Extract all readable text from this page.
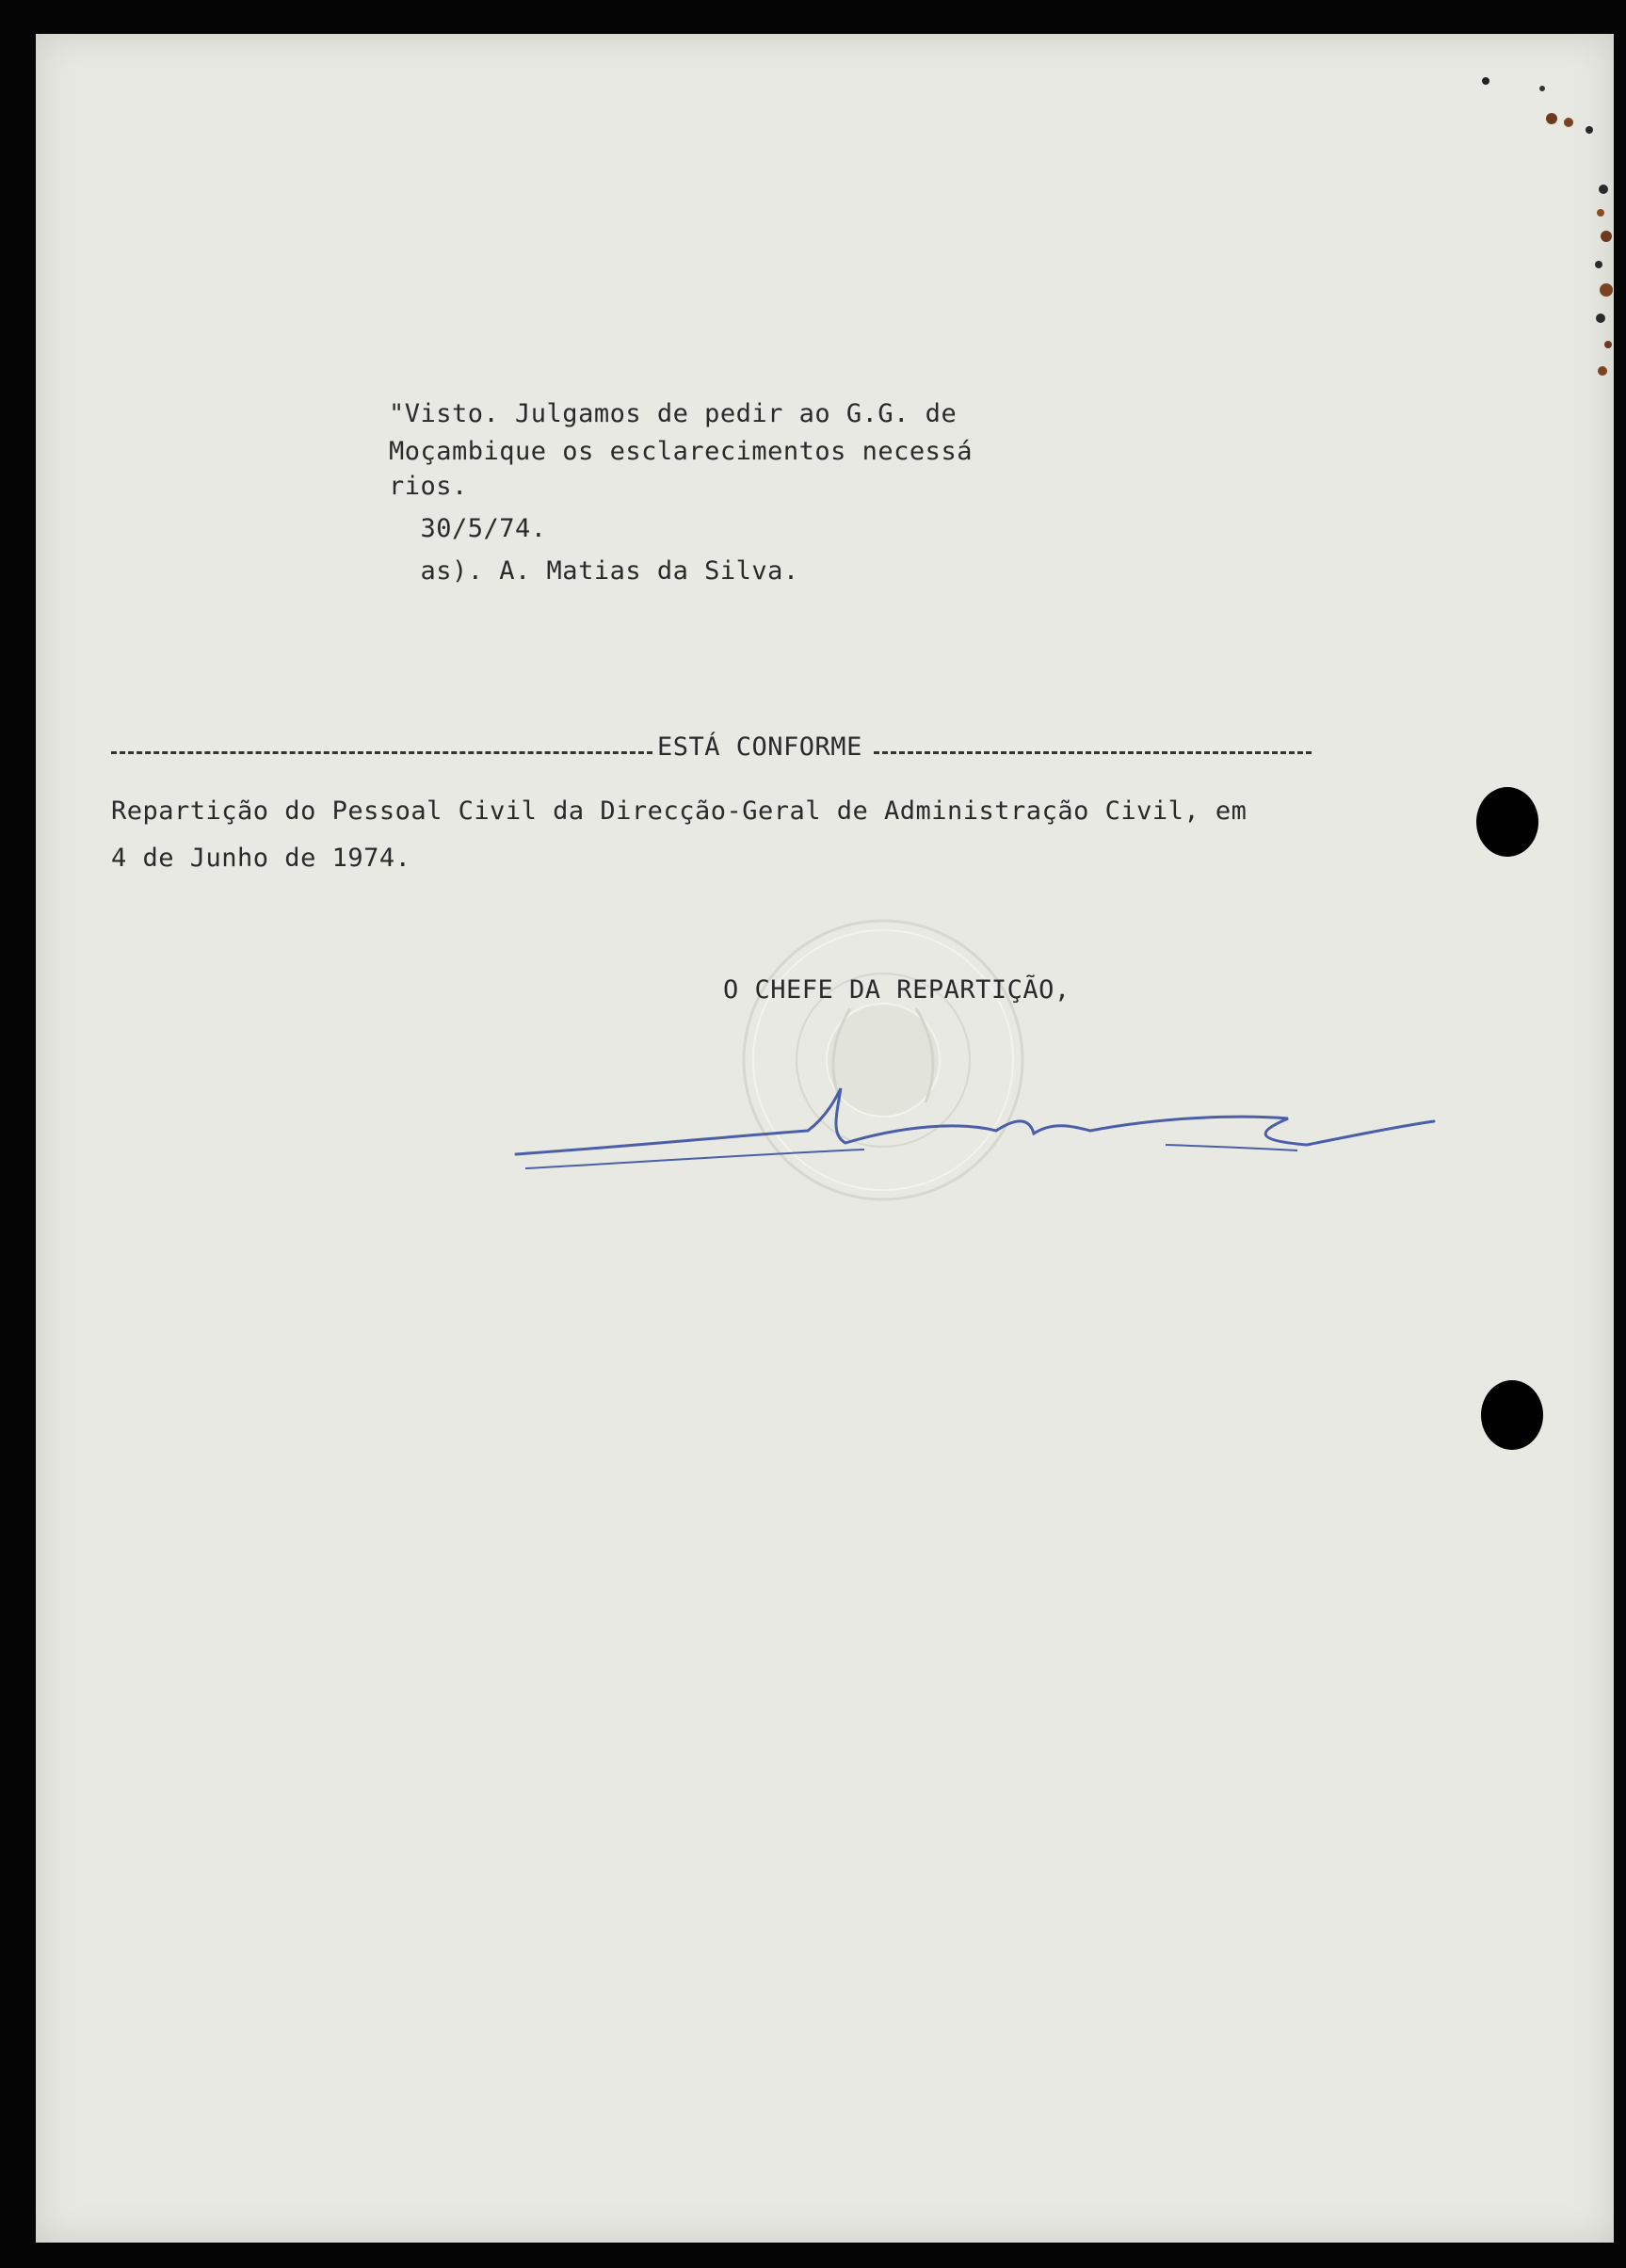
"Visto. Julgamos de pedir ao G.G. de
Moçambique os esclarecimentos necessá
rios.
30/5/74.
as). A. Matias da Silva.
ESTÁ CONFORME
Repartição do Pessoal Civil da Direcção-Geral de Administração Civil, em
4 de Junho de 1974.
O CHEFE DA REPARTIÇÃO,
